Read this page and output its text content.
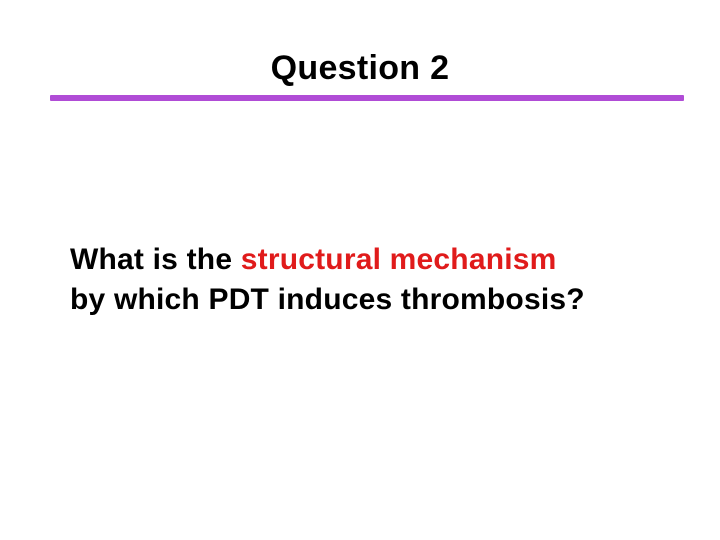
Question 2
What is the structural mechanism
by which PDT induces thrombosis?
